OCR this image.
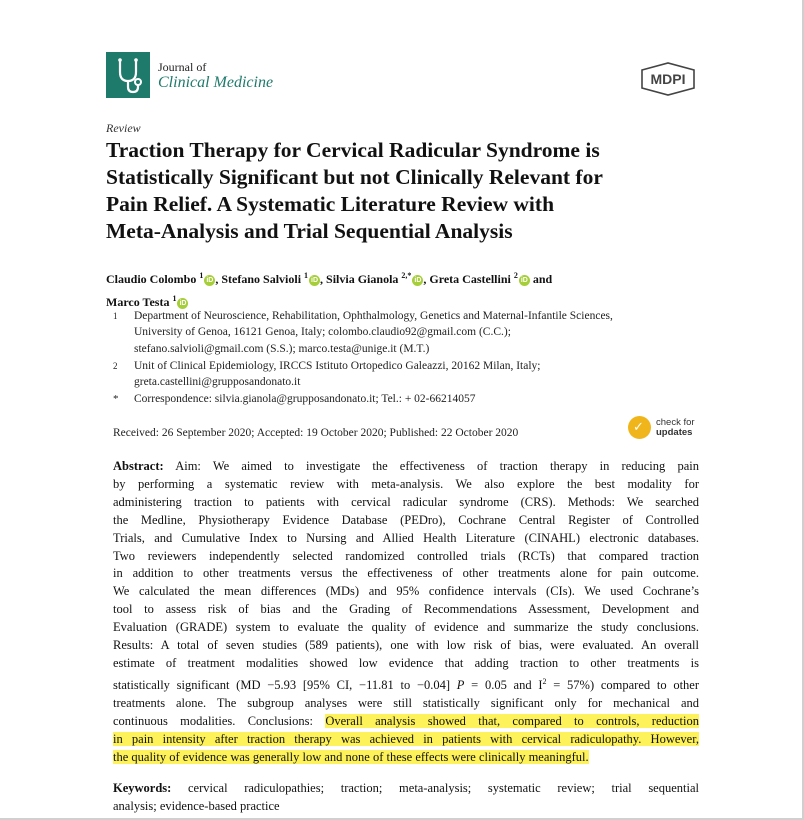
Journal of
Clinical Medicine	MDPI
Review
Traction Therapy for Cervical Radicular Syndrome is
Statistically Significant but not Clinically Relevant for
Pain Relief. A Systematic Literature Review with
Meta-Analysis and Trial Sequential Analysis
Claudio Colombo $^1$iD , Stefano Salvioli $^1$iD , Silvia Gianola $^{2,*}$iD , Greta Castellini $^2$iD and
Marco Testa $^1$iD
1 Department of Neuroscience, Rehabilitation, Ophthalmology, Genetics and Maternal-Infantile Sciences,
University of Genoa, 16121 Genoa, Italy; colombo.claudio92@gmail.com (C.C.);
stefano.salvioli@gmail.com (S.S.); marco.testa@unige.it (M.T.)
2 Unit of Clinical Epidemiology, IRCCS Istituto Ortopedico Galeazzi, 20162 Milan, Italy;
greta.castellini@grupposandonato.it
* Correspondence: silvia.gianola@grupposandonato.it; Tel.: + 02-66214057
Received: 26 September 2020; Accepted: 19 October 2020; Published: 22 October 2020	✓ check for
updates
Abstract: Aim: We aimed to investigate the effectiveness of traction therapy in reducing pain
by performing a systematic review with meta-analysis. We also explore the best modality for
administering traction to patients with cervical radicular syndrome (CRS). Methods: We searched
the Medline, Physiotherapy Evidence Database (PEDro), Cochrane Central Register of Controlled
Trials, and Cumulative Index to Nursing and Allied Health Literature (CINAHL) electronic databases.
Two reviewers independently selected randomized controlled trials (RCTs) that compared traction
in addition to other treatments versus the effectiveness of other treatments alone for pain outcome.
We calculated the mean differences (MDs) and 95% confidence intervals (CIs). We used Cochrane’s
tool to assess risk of bias and the Grading of Recommendations Assessment, Development and
Evaluation (GRADE) system to evaluate the quality of evidence and summarize the study conclusions.
Results: A total of seven studies (589 patients), one with low risk of bias, were evaluated. An overall
estimate of treatment modalities showed low evidence that adding traction to other treatments is
statistically significant (MD −5.93 [95% CI, −11.81 to −0.04] P = 0.05 and $I^2 = 57\%$) compared to other
treatments alone. The subgroup analyses were still statistically significant only for mechanical and
continuous modalities. Conclusions: Overall analysis showed that, compared to controls, reduction
in pain intensity after traction therapy was achieved in patients with cervical radiculopathy. However,
the quality of evidence was generally low and none of these effects were clinically meaningful.
Keywords: cervical radiculopathies; traction; meta-analysis; systematic review; trial sequential
analysis; evidence-based practice
